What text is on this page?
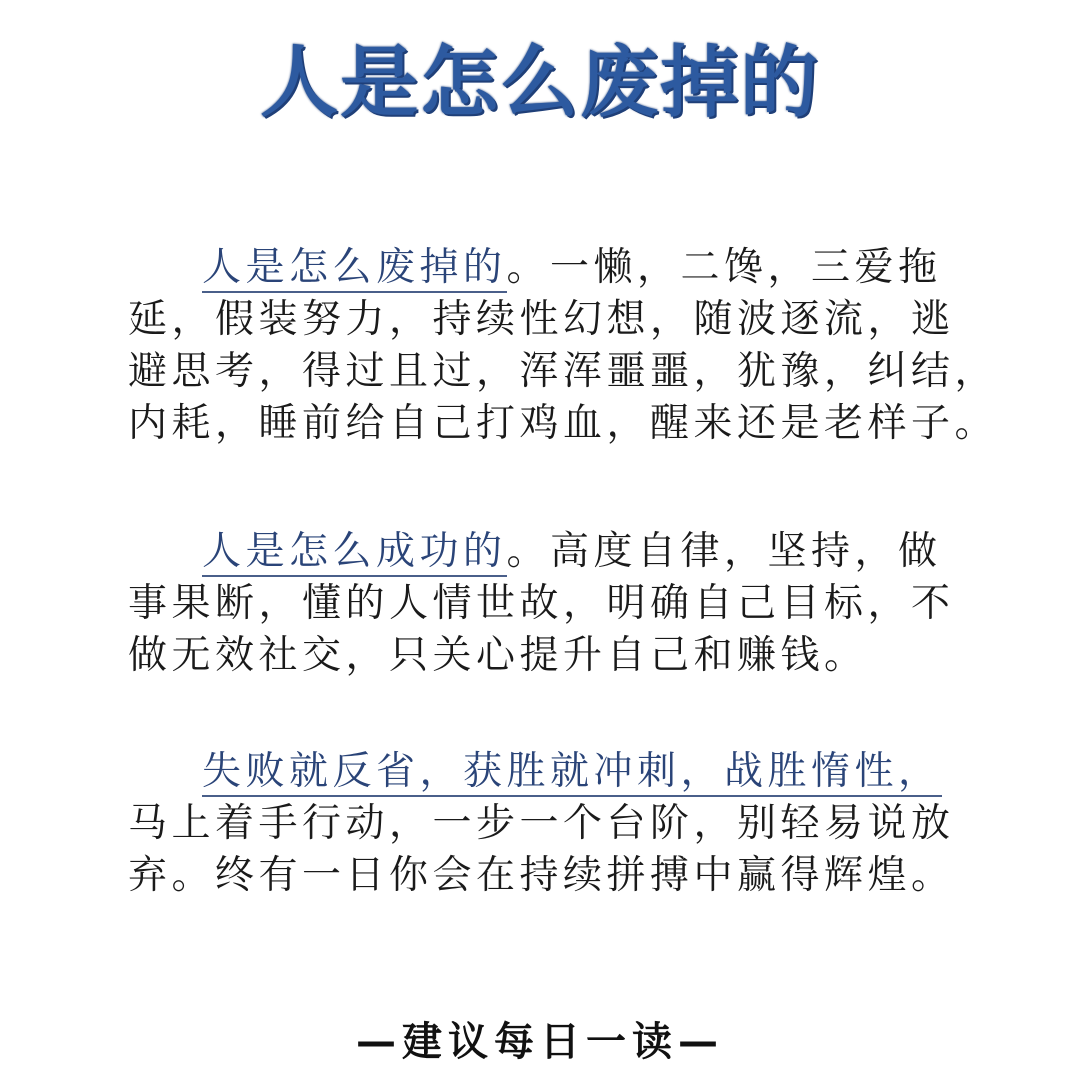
人是怎么废掉的
人是怎么废掉的。一懒，二馋，三爱拖
延，假装努力，持续性幻想，随波逐流，逃
避思考，得过且过，浑浑噩噩，犹豫，纠结，
内耗，睡前给自己打鸡血，醒来还是老样子。
人是怎么成功的。高度自律，坚持，做
事果断，懂的人情世故，明确自己目标，不
做无效社交，只关心提升自己和赚钱。
失败就反省，获胜就冲刺，战胜惰性，
马上着手行动，一步一个台阶，别轻易说放
弃。终有一日你会在持续拼搏中赢得辉煌。
—建议每日一读—
